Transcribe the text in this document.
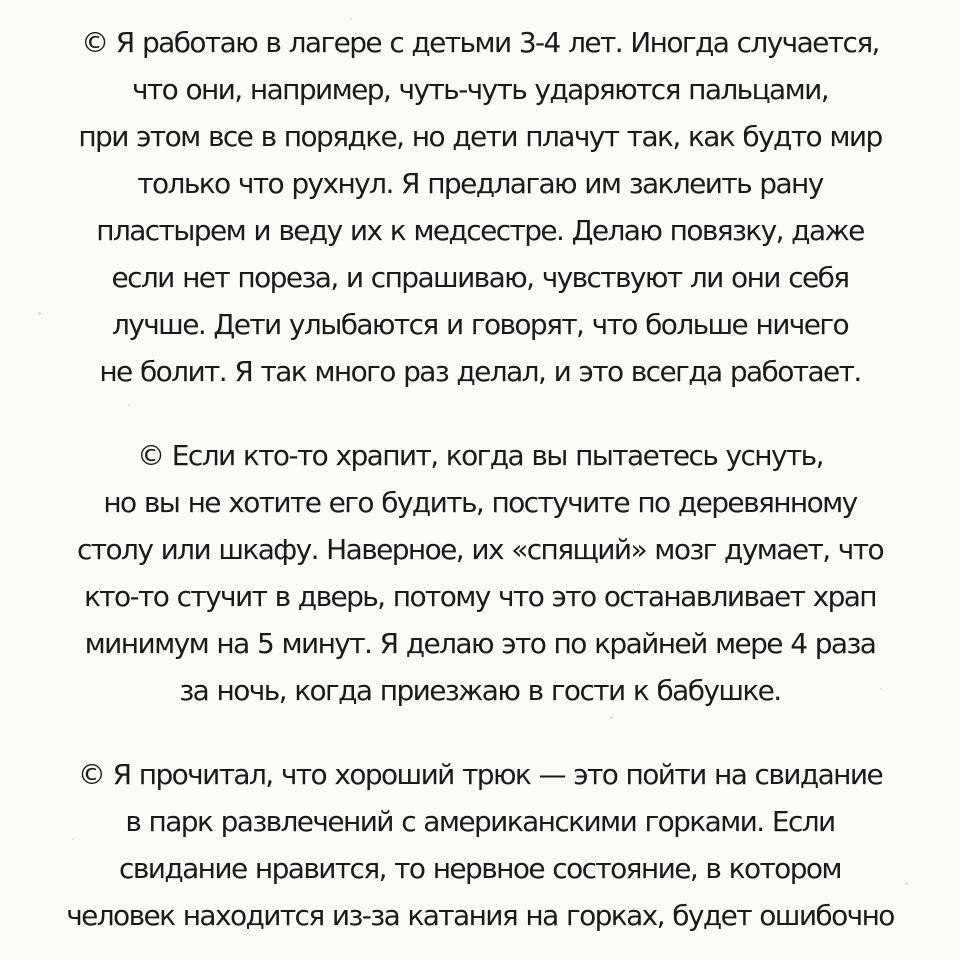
© Я работаю в лагере с детьми 3-4 лет. Иногда случается,
что они, например, чуть-чуть ударяются пальцами,
при этом все в порядке, но дети плачут так, как будто мир
только что рухнул. Я предлагаю им заклеить рану
пластырем и веду их к медсестре. Делаю повязку, даже
если нет пореза, и спрашиваю, чувствуют ли они себя
лучше. Дети улыбаются и говорят, что больше ничего
не болит. Я так много раз делал, и это всегда работает.

© Если кто-то храпит, когда вы пытаетесь уснуть,
но вы не хотите его будить, постучите по деревянному
столу или шкафу. Наверное, их «спящий» мозг думает, что
кто-то стучит в дверь, потому что это останавливает храп
минимум на 5 минут. Я делаю это по крайней мере 4 раза
за ночь, когда приезжаю в гости к бабушке.

© Я прочитал, что хороший трюк — это пойти на свидание
в парк развлечений с американскими горками. Если
свидание нравится, то нервное состояние, в котором
человек находится из-за катания на горках, будет ошибочно
